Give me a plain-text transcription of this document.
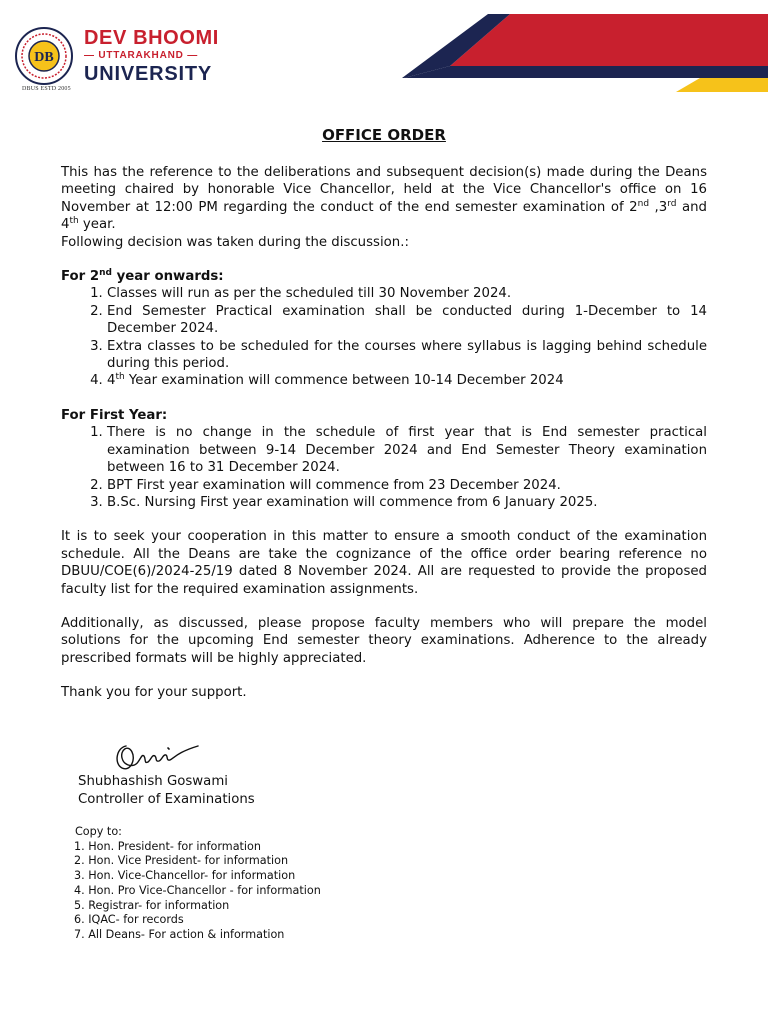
DB
DBUS ESTD 2005
DEV BHOOMI
— UTTARAKHAND —
UNIVERSITY
OFFICE ORDER

This has the reference to the deliberations and subsequent decision(s) made during the Deans meeting chaired by honorable Vice Chancellor, held at the Vice Chancellor's office on 16 November at 12:00 PM regarding the conduct of the end semester examination of 2nd ,3rd and 4th year.

Following decision was taken during the discussion.:

For 2nd year onwards:

1. Classes will run as per the scheduled till 30 November 2024.
2. End Semester Practical examination shall be conducted during 1-December to 14 December 2024.
3. Extra classes to be scheduled for the courses where syllabus is lagging behind schedule during this period.
4. 4th Year examination will commence between 10-14 December 2024

For First Year:

1. There is no change in the schedule of first year that is End semester practical examination between 9-14 December 2024 and End Semester Theory examination between 16 to 31 December 2024.
2. BPT First year examination will commence from 23 December 2024.
3. B.Sc. Nursing First year examination will commence from 6 January 2025.

It is to seek your cooperation in this matter to ensure a smooth conduct of the examination schedule. All the Deans are take the cognizance of the office order bearing reference no DBUU/COE(6)/2024-25/19 dated 8 November 2024. All are requested to provide the proposed faculty list for the required examination assignments.

Additionally, as discussed, please propose faculty members who will prepare the model solutions for the upcoming End semester theory examinations. Adherence to the already prescribed formats will be highly appreciated.

Thank you for your support.

Shubhashish Goswami
Controller of Examinations
Copy to:
1. Hon. President- for information
2. Hon. Vice President- for information
3. Hon. Vice-Chancellor- for information
4. Hon. Pro Vice-Chancellor - for information
5. Registrar- for information
6. IQAC- for records
7. All Deans- For action & information
